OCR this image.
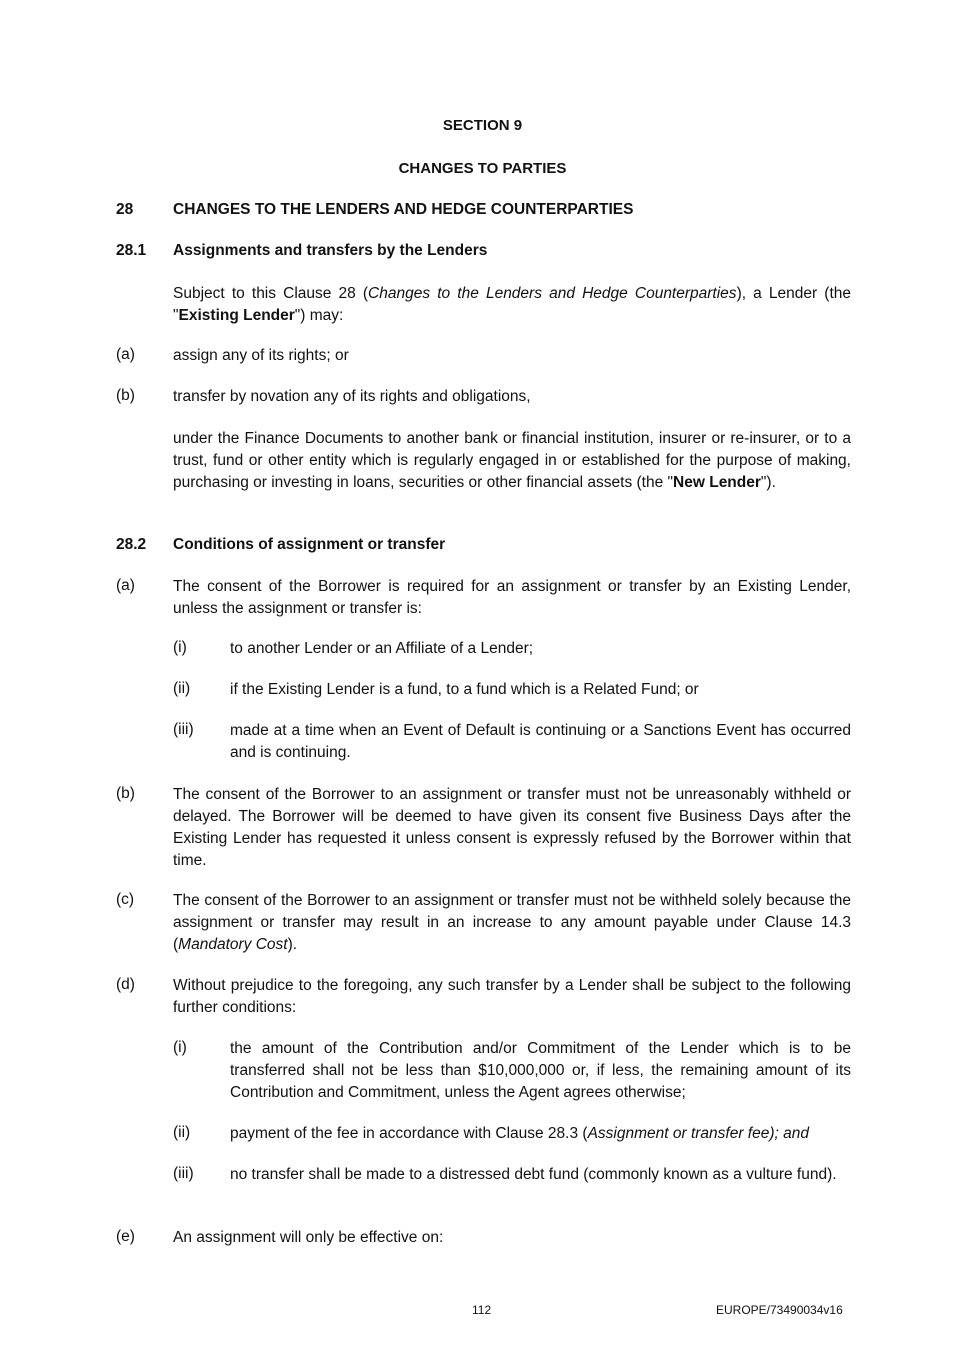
SECTION 9
CHANGES TO PARTIES
28	CHANGES TO THE LENDERS AND HEDGE COUNTERPARTIES
28.1 Assignments and transfers by the Lenders
Subject to this Clause 28 (Changes to the Lenders and Hedge Counterparties), a Lender (the "Existing Lender") may:
(a) assign any of its rights; or
(b) transfer by novation any of its rights and obligations,
under the Finance Documents to another bank or financial institution, insurer or re-insurer, or to a trust, fund or other entity which is regularly engaged in or established for the purpose of making, purchasing or investing in loans, securities or other financial assets (the "New Lender").
28.2 Conditions of assignment or transfer
(a) The consent of the Borrower is required for an assignment or transfer by an Existing Lender, unless the assignment or transfer is:
(i)	to another Lender or an Affiliate of a Lender;
(ii)	if the Existing Lender is a fund, to a fund which is a Related Fund; or
(iii) made at a time when an Event of Default is continuing or a Sanctions Event has occurred and is continuing.
(b) The consent of the Borrower to an assignment or transfer must not be unreasonably withheld or delayed. The Borrower will be deemed to have given its consent five Business Days after the Existing Lender has requested it unless consent is expressly refused by the Borrower within that time.
(c)	The consent of the Borrower to an assignment or transfer must not be withheld solely because the assignment or transfer may result in an increase to any amount payable under Clause 14.3 (Mandatory Cost).
(d) Without prejudice to the foregoing, any such transfer by a Lender shall be subject to the following further conditions:
(i)	the amount of the Contribution and/or Commitment of the Lender which is to be transferred shall not be less than $10,000,000 or, if less, the remaining amount of its Contribution and Commitment, unless the Agent agrees otherwise;
(ii)	payment of the fee in accordance with Clause 28.3 (Assignment or transfer fee); and
(iii) no transfer shall be made to a distressed debt fund (commonly known as a vulture fund).
(e) An assignment will only be effective on:
112	EUROPE/73490034v16
